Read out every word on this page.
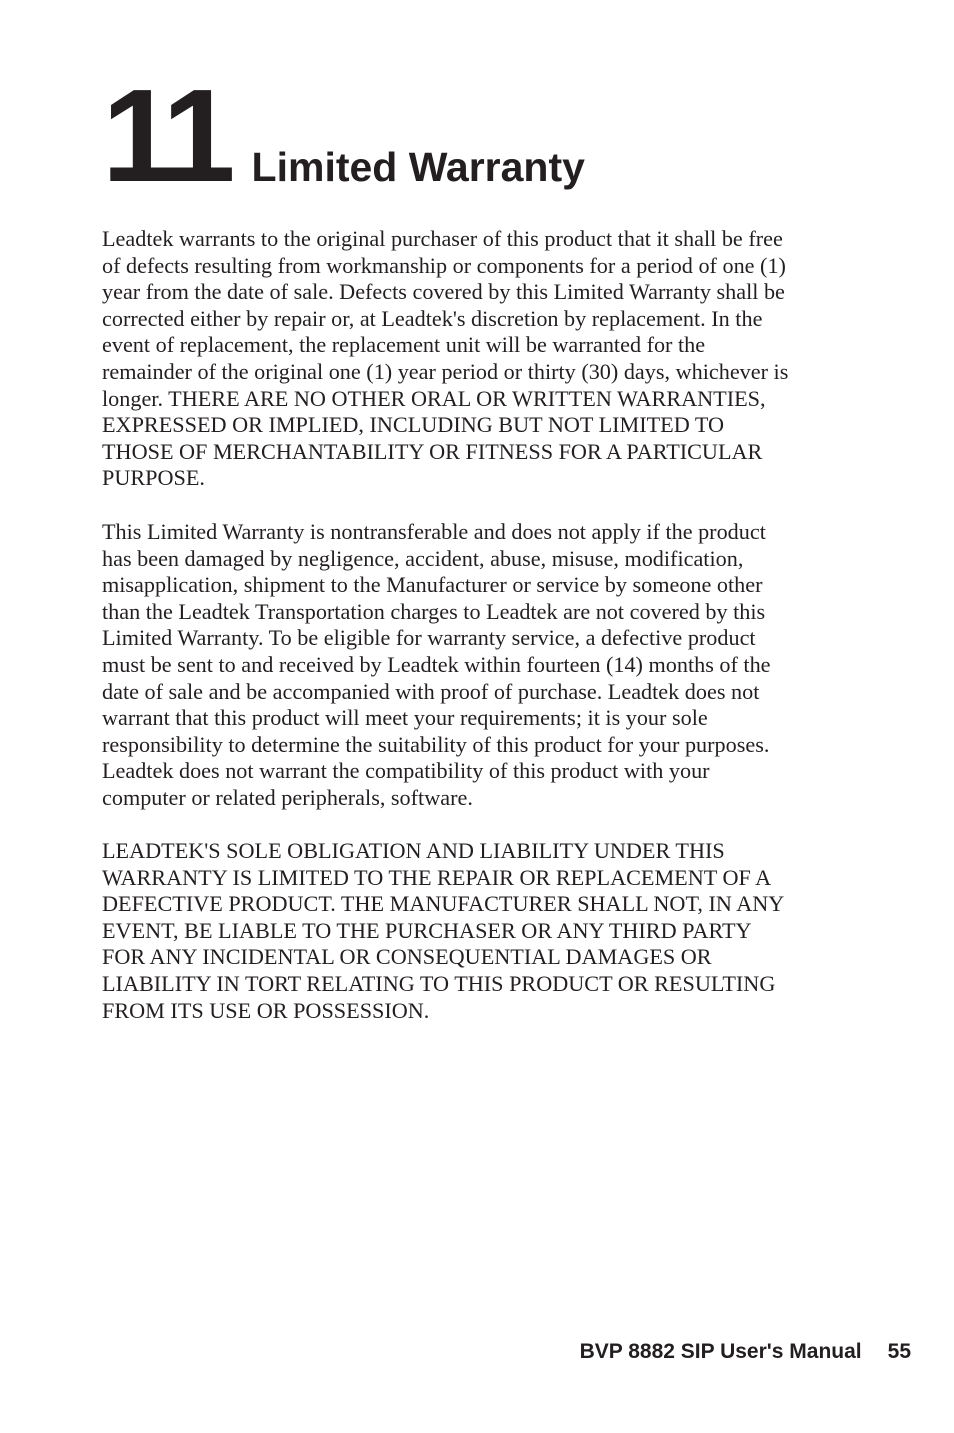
11 Limited Warranty
Leadtek warrants to the original purchaser of this product that it shall be free
of defects resulting from workmanship or components for a period of one (1)
year from the date of sale. Defects covered by this Limited Warranty shall be
corrected either by repair or, at Leadtek's discretion by replacement. In the
event of replacement, the replacement unit will be warranted for the
remainder of the original one (1) year period or thirty (30) days, whichever is
longer. THERE ARE NO OTHER ORAL OR WRITTEN WARRANTIES,
EXPRESSED OR IMPLIED, INCLUDING BUT NOT LIMITED TO
THOSE OF MERCHANTABILITY OR FITNESS FOR A PARTICULAR
PURPOSE.
This Limited Warranty is nontransferable and does not apply if the product
has been damaged by negligence, accident, abuse, misuse, modification,
misapplication, shipment to the Manufacturer or service by someone other
than the Leadtek Transportation charges to Leadtek are not covered by this
Limited Warranty. To be eligible for warranty service, a defective product
must be sent to and received by Leadtek within fourteen (14) months of the
date of sale and be accompanied with proof of purchase. Leadtek does not
warrant that this product will meet your requirements; it is your sole
responsibility to determine the suitability of this product for your purposes.
Leadtek does not warrant the compatibility of this product with your
computer or related peripherals, software.
LEADTEK'S SOLE OBLIGATION AND LIABILITY UNDER THIS
WARRANTY IS LIMITED TO THE REPAIR OR REPLACEMENT OF A
DEFECTIVE PRODUCT. THE MANUFACTURER SHALL NOT, IN ANY
EVENT, BE LIABLE TO THE PURCHASER OR ANY THIRD PARTY
FOR ANY INCIDENTAL OR CONSEQUENTIAL DAMAGES OR
LIABILITY IN TORT RELATING TO THIS PRODUCT OR RESULTING
FROM ITS USE OR POSSESSION.
BVP 8882 SIP User's Manual 55
